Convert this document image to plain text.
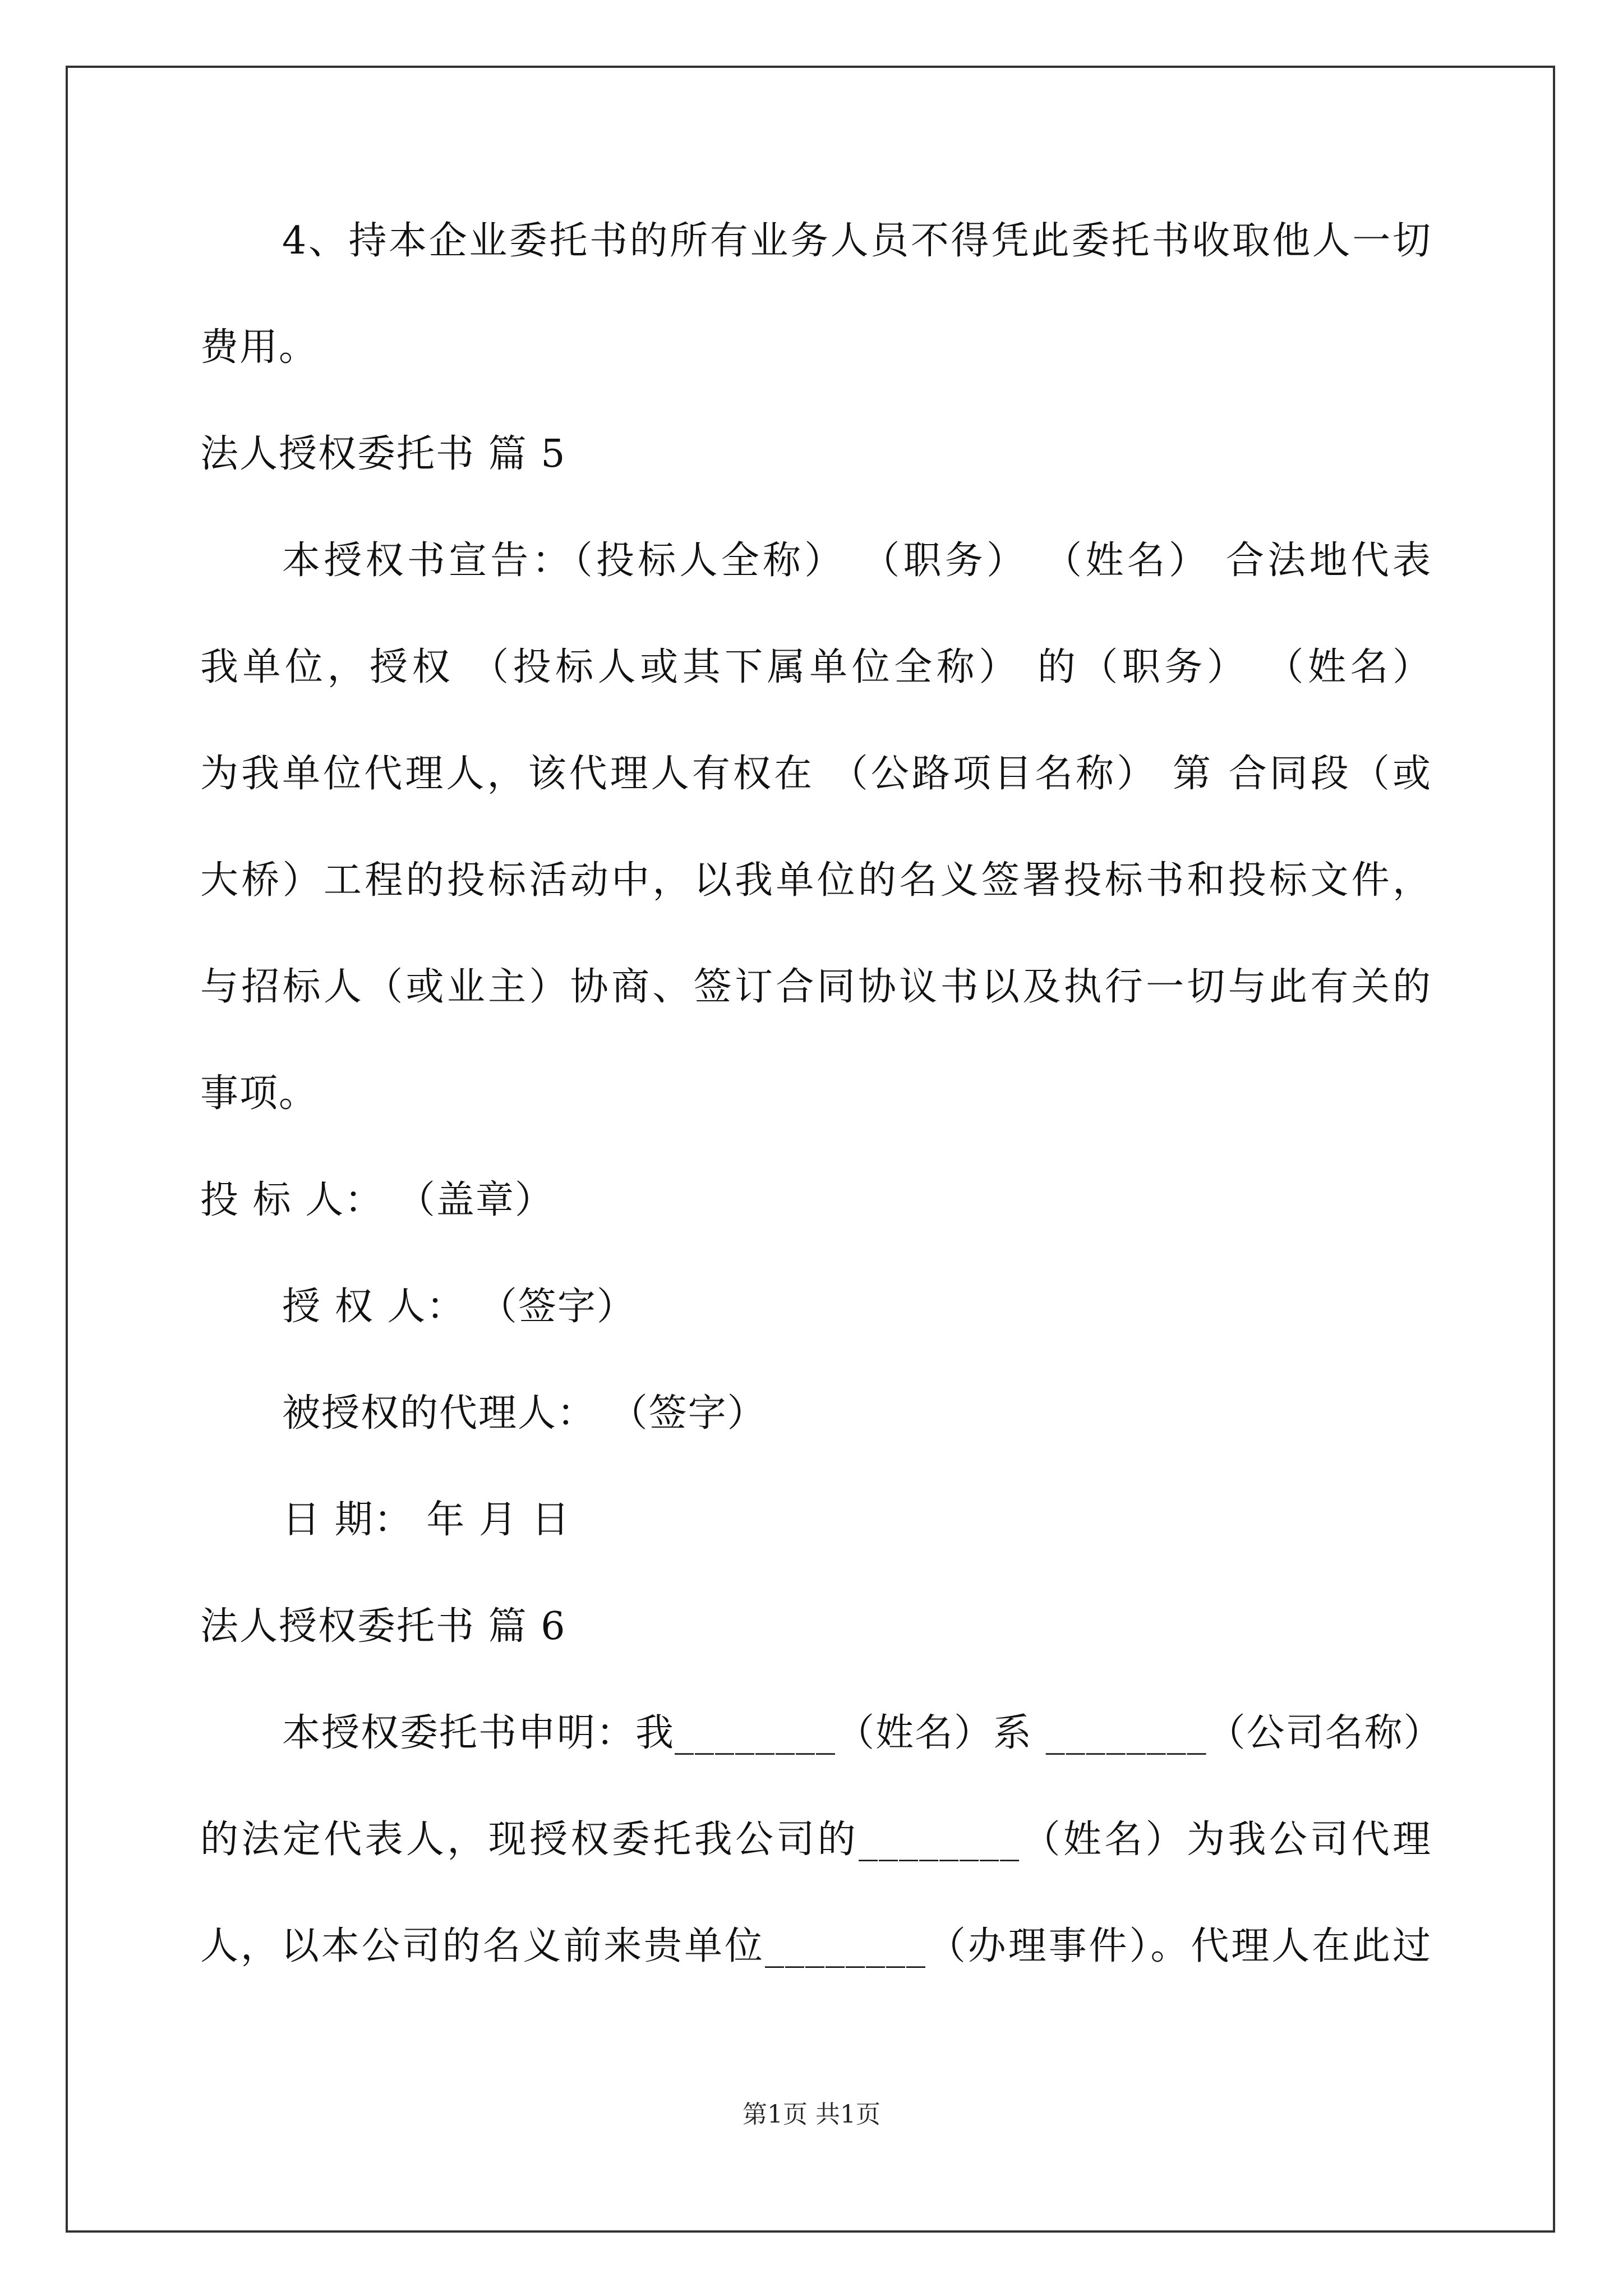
4、持本企业委托书的所有业务人员不得凭此委托书收取他人一切
费用。
法人授权委托书 篇 5
本授权书宣告：（投标人全称） （职务） （姓名） 合法地代表
我单位，授权 （投标人或其下属单位全称） 的（职务） （姓名）
为我单位代理人，该代理人有权在 （公路项目名称） 第 合同段（或
大桥）工程的投标活动中，以我单位的名义签署投标书和投标文件，
与招标人（或业主）协商、签订合同协议书以及执行一切与此有关的
事项。
投 标 人： （盖章）
授 权 人： （签字）
被授权的代理人： （签字）
日 期： 年 月 日
法人授权委托书 篇 6
本授权委托书申明：我________（姓名）系 ________（公司名称）
的法定代表人，现授权委托我公司的________（姓名）为我公司代理
人，以本公司的名义前来贵单位________（办理事件）。代理人在此过
第1页 共1页
